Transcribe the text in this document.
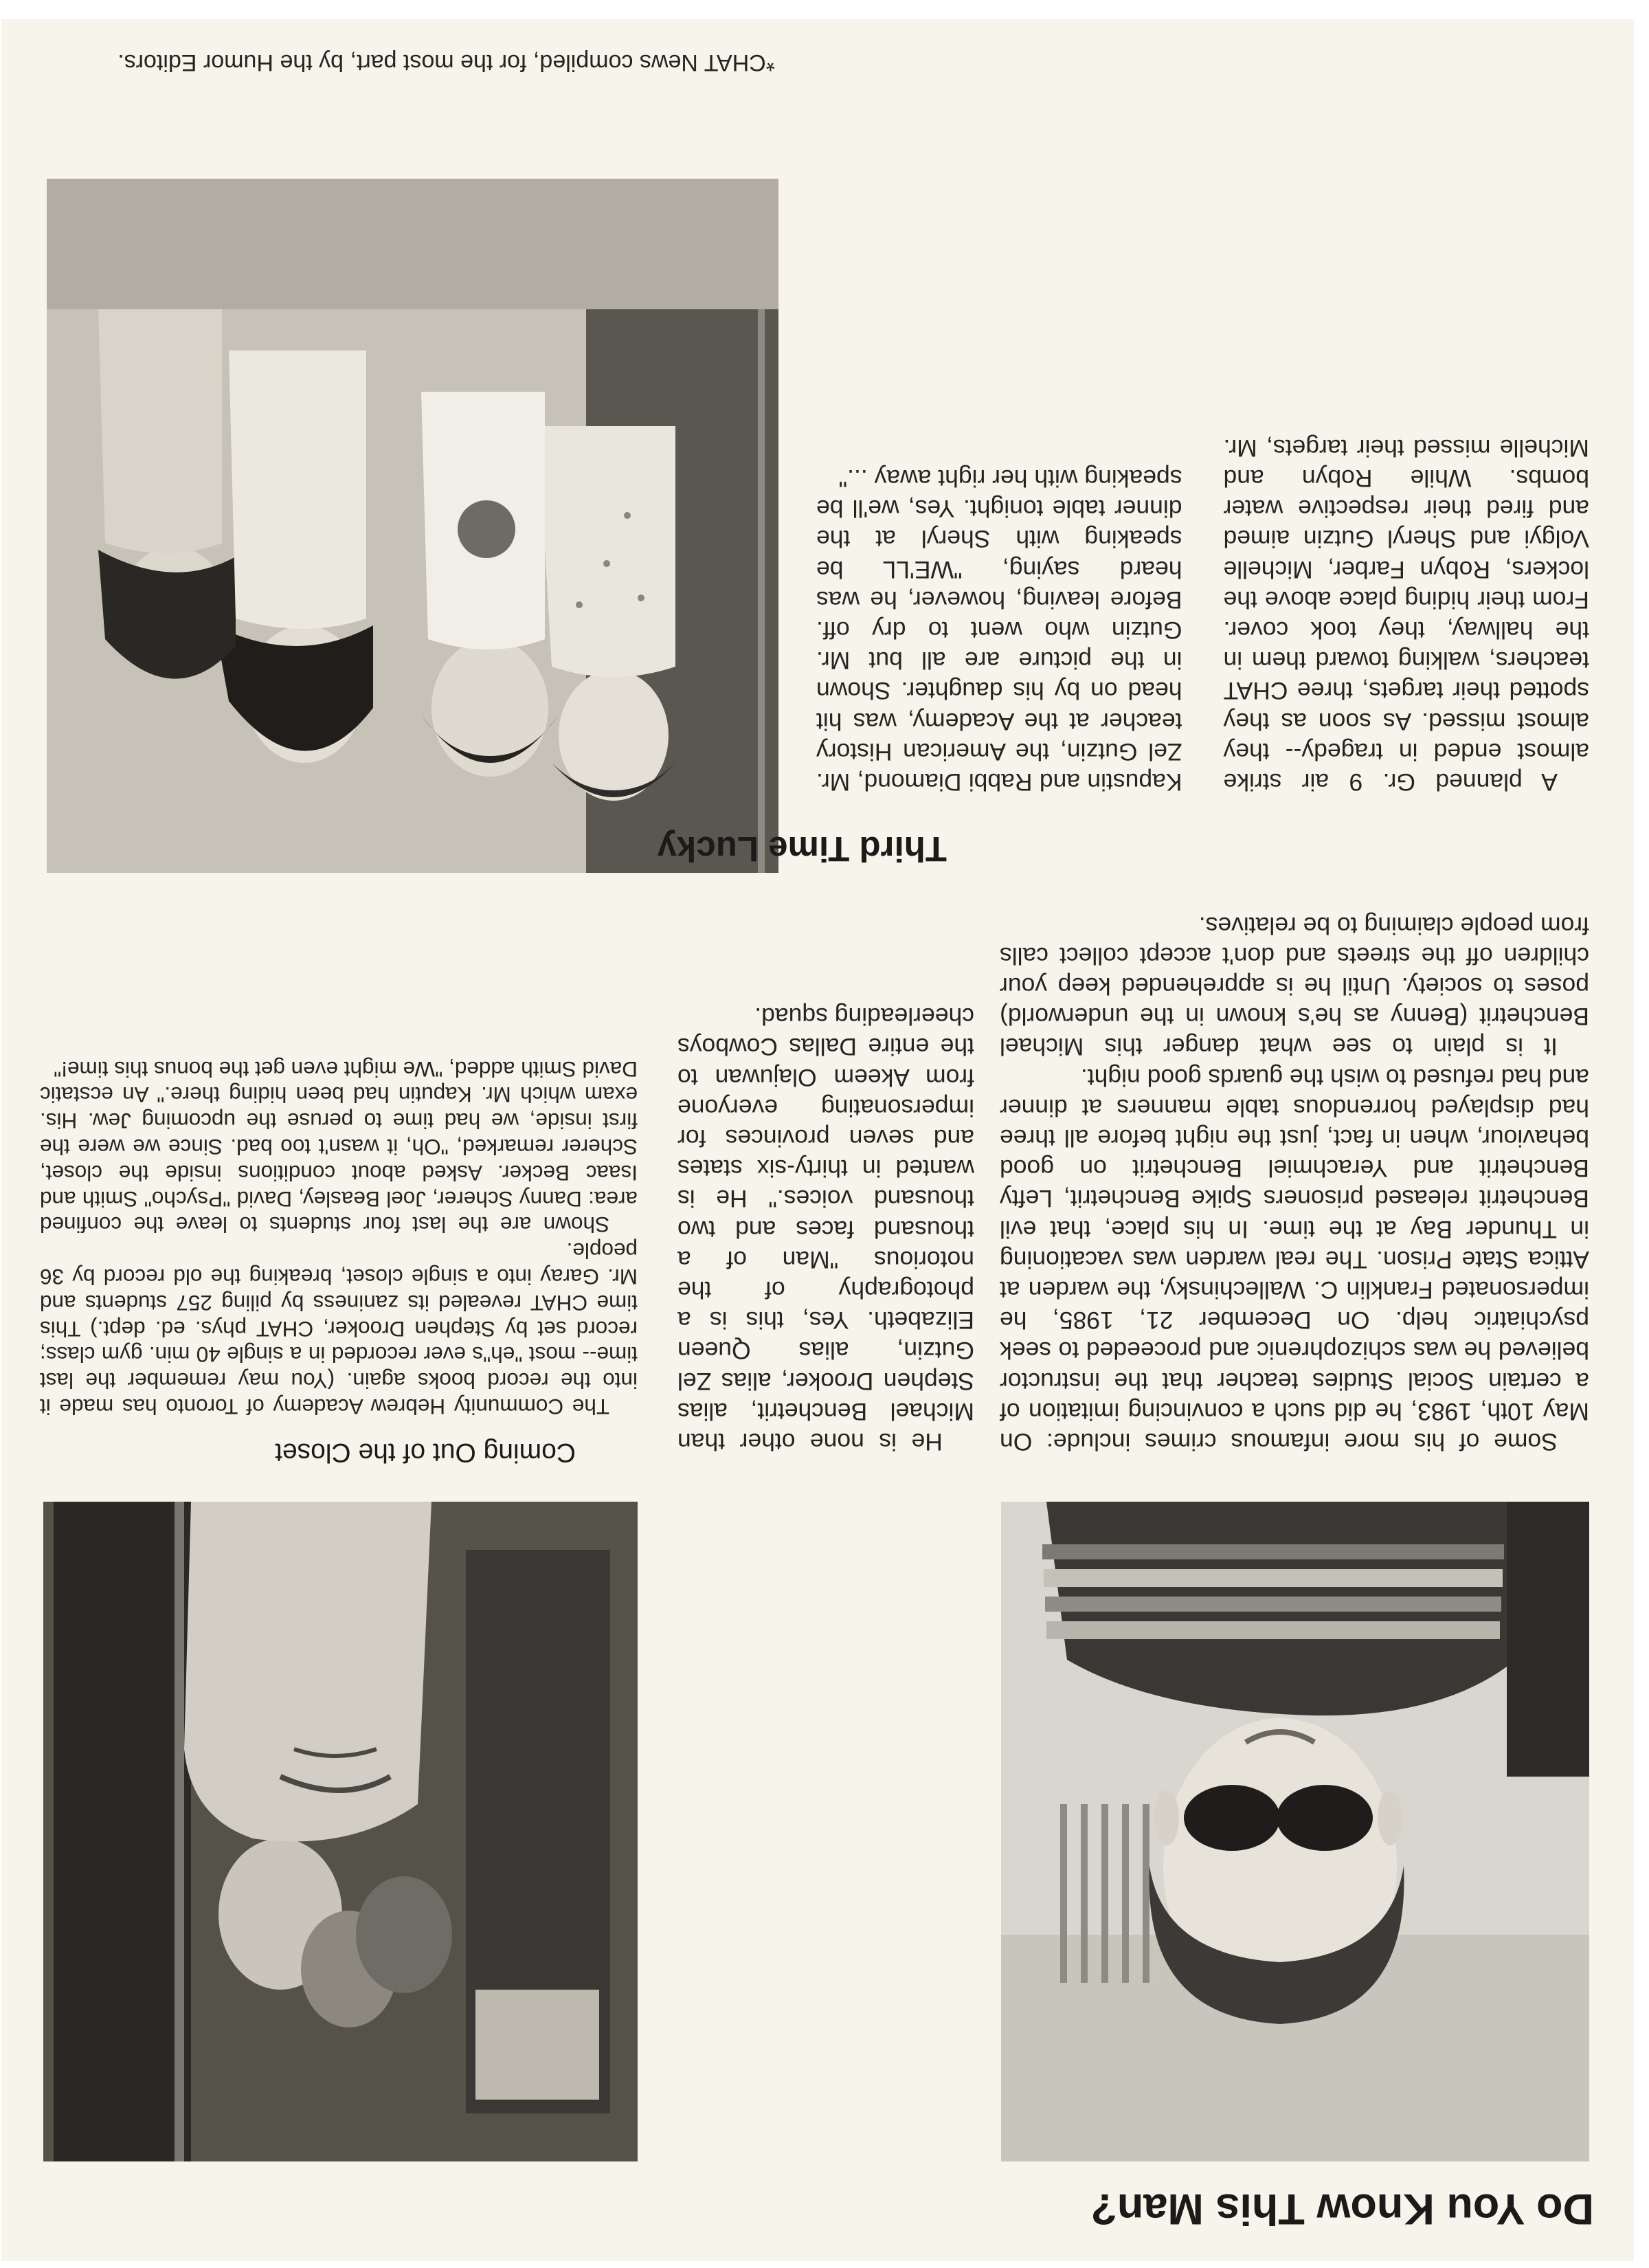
Do You Know This Man?

He is none other than Michael Benchetrit, alias Stephen Drooker, alias Zel Gutzin, alias Queen Elizabeth. Yes, this is a photography of the notorious "Man of a thousand faces and two thousand voices." He is wanted in thirty-six states and seven provinces for impersonating everyone from Akeem Olajuwan to the entire Dallas Cowboys cheerleading squad.

Some of his more infamous crimes include: On May 10th, 1983, he did such a convincing imitation of a certain Social Studies teacher that the instructor believed he was schizophrenic and proceeded to seek psychiatric help. On December 21, 1985, he impersonated Franklin C. Wallechinsky, the warden at Attica State Prison. The real warden was vacationing in Thunder Bay at the time. In his place, that evil Benchetrit released prisoners Spike Benchetrit, Lefty Benchetrit and Yerachmiel Benchetrit on good behaviour, when in fact, just the night before all three had displayed horrendous table manners at dinner and had refused to wish the guards good night.

It is plain to see what danger this Michael Benchetrit (Benny as he's known in the underworld) poses to society. Until he is apprehended keep your children off the streets and don't accept collect calls from people claiming to be relatives.

Coming Out of the Closet

The Community Hebrew Academy of Toronto has made it into the record books again. (You may remember the last time-- most "eh"s ever recorded in a single 40 min. gym class; record set by Stephen Drooker, CHAT phys. ed. dept.) This time CHAT revealed its zaniness by piling 257 students and Mr. Garay into a single closet, breaking the old record by 36 people.

Shown are the last four students to leave the confined area: Danny Scherer, Joel Beasley, David "Psycho" Smith and Isaac Becker. Asked about conditions inside the closet, Scherer remarked, "Oh, it wasn't too bad. Since we were the first inside, we had time to peruse the upcoming Jew. His. exam which Mr. Kaputin had been hiding there." An ecstatic David Smith added, "We might even get the bonus this time!"

Third Time Lucky

A planned Gr. 9 air strike almost ended in tragedy-- they almost missed. As soon as they spotted their targets, three CHAT teachers, walking toward them in the hallway, they took cover. From their hiding place above the lockers, Robyn Farber, Michelle Volgyi and Sheryl Gutzin aimed and fired their respective water bombs. While Robyn and Michelle missed their targets, Mr. Kapustin and Rabbi Diamond, Mr. Zel Gutzin, the American History teacher at the Academy, was hit head on by his daughter. Shown in the picture are all but Mr. Gutzin who went to dry off. Before leaving, however, he was heard saying, "WE'LL be speaking with Sheryl at the dinner table tonight. Yes, we'll be speaking with her right away ..."

*CHAT News compiled, for the most part, by the Humor Editors.
